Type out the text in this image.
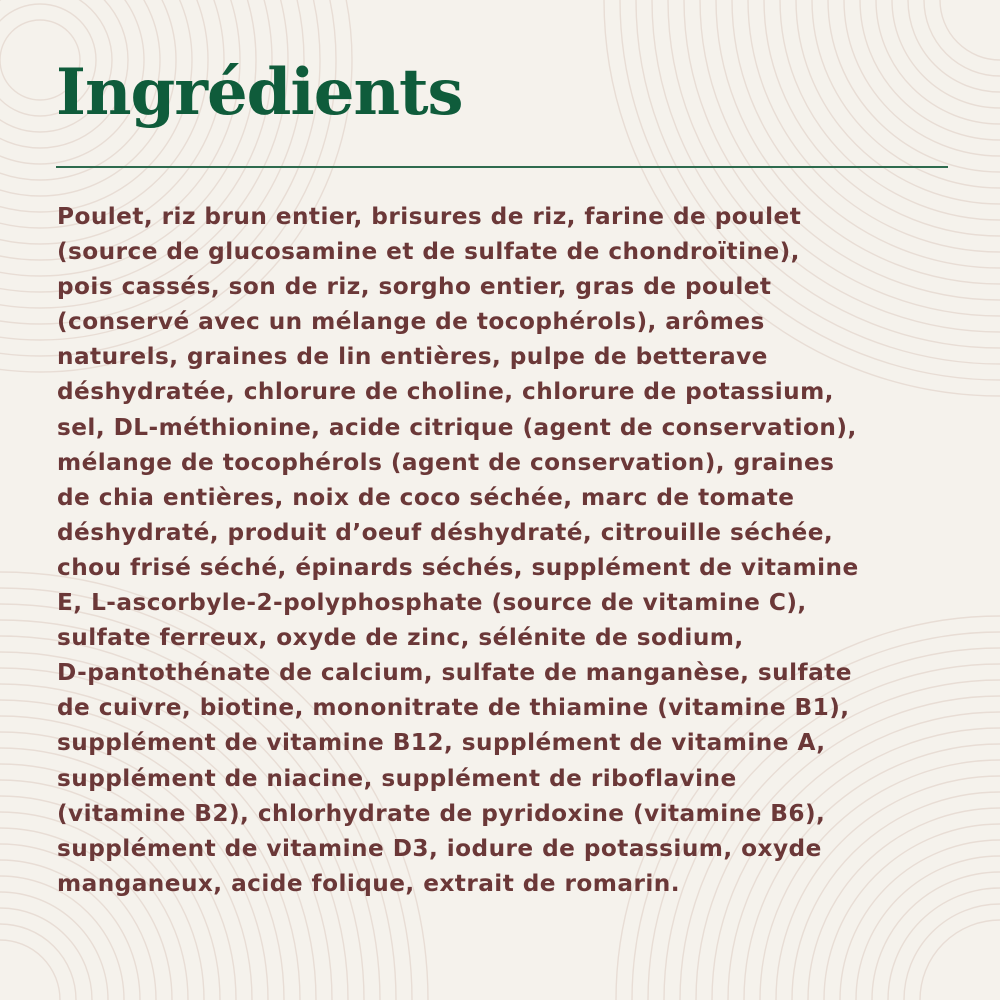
Ingrédients

Poulet, riz brun entier, brisures de riz, farine de poulet
(source de glucosamine et de sulfate de chondroïtine),
pois cassés, son de riz, sorgho entier, gras de poulet
(conservé avec un mélange de tocophérols), arômes
naturels, graines de lin entières, pulpe de betterave
déshydratée, chlorure de choline, chlorure de potassium,
sel, DL-méthionine, acide citrique (agent de conservation),
mélange de tocophérols (agent de conservation), graines
de chia entières, noix de coco séchée, marc de tomate
déshydraté, produit d’oeuf déshydraté, citrouille séchée,
chou frisé séché, épinards séchés, supplément de vitamine
E, L-ascorbyle-2-polyphosphate (source de vitamine C),
sulfate ferreux, oxyde de zinc, sélénite de sodium,
D-pantothénate de calcium, sulfate de manganèse, sulfate
de cuivre, biotine, mononitrate de thiamine (vitamine B1),
supplément de vitamine B12, supplément de vitamine A,
supplément de niacine, supplément de riboflavine
(vitamine B2), chlorhydrate de pyridoxine (vitamine B6),
supplément de vitamine D3, iodure de potassium, oxyde
manganeux, acide folique, extrait de romarin.
